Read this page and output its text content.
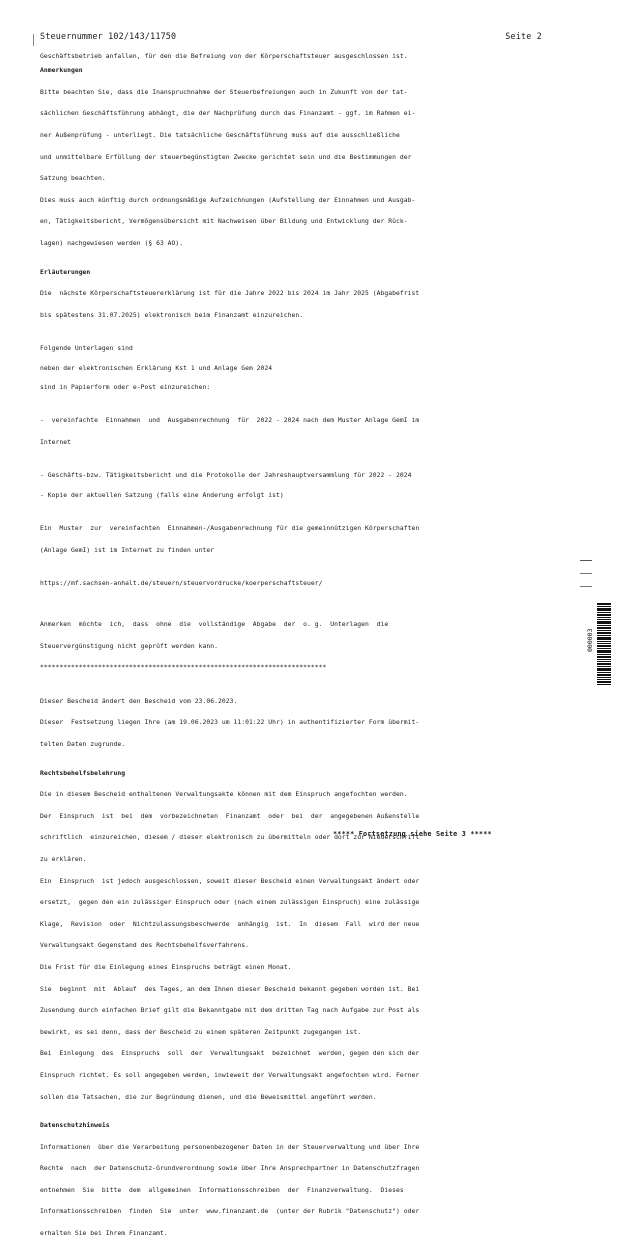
Steuernummer 102/143/11750	Seite 2
Geschäftsbetrieb anfallen, für den die Befreiung von der Körperschaftsteuer ausgeschlossen ist.
Anmerkungen

Bitte beachten Sie, dass die Inanspruchnahme der Steuerbefreiungen auch in Zukunft von der tat-

sächlichen Geschäftsführung abhängt, die der Nachprüfung durch das Finanzamt - ggf. im Rahmen ei-

ner Außenprüfung - unterliegt. Die tatsächliche Geschäftsführung muss auf die ausschließliche

und unmittelbare Erfüllung der steuerbegünstigten Zwecke gerichtet sein und die Bestimmungen der

Satzung beachten.

Dies muss auch künftig durch ordnungsmäßige Aufzeichnungen (Aufstellung der Einnahmen und Ausgab-

en, Tätigkeitsbericht, Vermögensübersicht mit Nachweisen über Bildung und Entwicklung der Rück-

lagen) nachgewiesen werden (§ 63 AO).

Erläuterungen

Die  nächste Körperschaftsteuererklärung ist für die Jahre 2022 bis 2024 im Jahr 2025 (Abgabefrist

bis spätestens 31.07.2025) elektronisch beim Finanzamt einzureichen.

Folgende Unterlagen sind
neben der elektronischen Erklärung Kst 1 und Anlage Gem 2024
sind in Papierform oder e-Post einzureichen:

-  vereinfachte  Einnahmen  und  Ausgabenrechnung  für  2022 - 2024 nach dem Muster Anlage GemI im

Internet

- Geschäfts-bzw. Tätigkeitsbericht und die Protokolle der Jahreshauptversammlung für 2022 - 2024
- Kopie der aktuellen Satzung (falls eine Änderung erfolgt ist)

Ein  Muster  zur  vereinfachten  Einnahmen-/Ausgabenrechnung für die gemeinnützigen Körperschaften

(Anlage GemI) ist im Internet zu finden unter

https://mf.sachsen-anhalt.de/steuern/steuervordrucke/koerperschaftsteuer/

Anmerken  möchte  ich,  dass  ohne  die  vollständige  Abgabe  der  o. g.  Unterlagen  die

Steuervergünstigung nicht geprüft werden kann.

**************************************************************************

Dieser Bescheid ändert den Bescheid vom 23.06.2023.

Dieser  Festsetzung liegen Ihre (am 19.06.2023 um 11:01:22 Uhr) in authentifizierter Form übermit-

telten Daten zugrunde.

Rechtsbehelfsbelehrung

Die in diesem Bescheid enthaltenen Verwaltungsakte können mit dem Einspruch angefochten werden.

Der  Einspruch  ist  bei  dem  vorbezeichneten  Finanzamt  oder  bei  der  angegebenen Außenstelle

schriftlich  einzureichen, diesem / dieser elektronisch zu übermitteln oder dort zur Niederschrift

zu erklären.

Ein  Einspruch  ist jedoch ausgeschlossen, soweit dieser Bescheid einen Verwaltungsakt ändert oder

ersetzt,  gegen den ein zulässiger Einspruch oder (nach einem zulässigen Einspruch) eine zulässige

Klage,  Revision  oder  Nichtzulassungsbeschwerde  anhängig  ist.  In  diesem  Fall  wird der neue

Verwaltungsakt Gegenstand des Rechtsbehelfsverfahrens.

Die Frist für die Einlegung eines Einspruchs beträgt einen Monat.

Sie  beginnt  mit  Ablauf  des Tages, an dem Ihnen dieser Bescheid bekannt gegeben worden ist. Bei

Zusendung durch einfachen Brief gilt die Bekanntgabe mit dem dritten Tag nach Aufgabe zur Post als

bewirkt, es sei denn, dass der Bescheid zu einem späteren Zeitpunkt zugegangen ist.

Bei  Einlegung  des  Einspruchs  soll  der  Verwaltungsakt  bezeichnet  werden, gegen den sich der

Einspruch richtet. Es soll angegeben werden, inwieweit der Verwaltungsakt angefochten wird. Ferner

sollen die Tatsachen, die zur Begründung dienen, und die Beweismittel angeführt werden.

Datenschutzhinweis

Informationen  über die Verarbeitung personenbezogener Daten in der Steuerverwaltung und über Ihre

Rechte  nach  der Datenschutz-Grundverordnung sowie über Ihre Ansprechpartner in Datenschutzfragen

entnehmen  Sie  bitte  dem  allgemeinen  Informationsschreiben  der  Finanzverwaltung.  Dieses

Informationsschreiben  finden  Sie  unter  www.finanzamt.de  (unter der Rubrik "Datenschutz") oder

erhalten Sie bei Ihrem Finanzamt.

***** Fortsetzung siehe Seite 3 *****
000003
